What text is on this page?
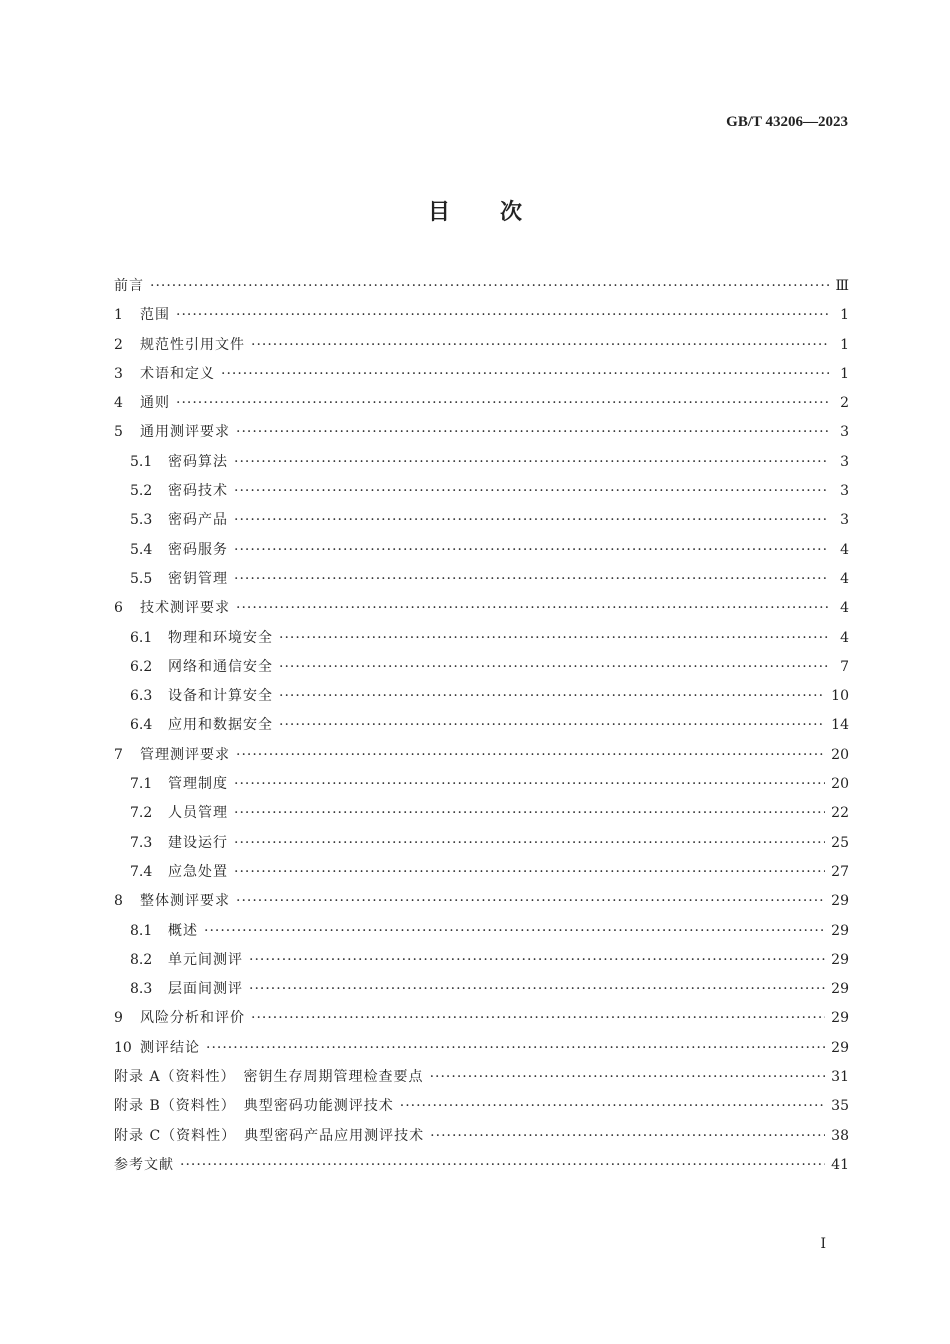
GB/T 43206—2023
目次
前言 ·····	Ⅲ
1	范围 ·····	1
2	规范性引用文件 ·····	1
3	术语和定义 ·····	1
4	通则 ·····	2
5	通用测评要求 ·····	3
5.1	密码算法 ·····	3
5.2	密码技术 ·····	3
5.3	密码产品 ·····	3
5.4	密码服务 ·····	4
5.5	密钥管理 ·····	4
6	技术测评要求 ·····	4
6.1	物理和环境安全 ·····	4
6.2	网络和通信安全 ·····	7
6.3	设备和计算安全 ·····	10
6.4	应用和数据安全 ·····	14
7	管理测评要求 ·····	20
7.1	管理制度 ·····	20
7.2	人员管理 ·····	22
7.3	建设运行 ·····	25
7.4	应急处置 ·····	27
8	整体测评要求 ·····	29
8.1	概述 ·····	29
8.2	单元间测评 ·····	29
8.3	层面间测评 ·····	29
9	风险分析和评价 ·····	29
10 测评结论 ·····	29
附录 A（资料性）　密钥生存周期管理检查要点 ·····	31
附录 B（资料性）　典型密码功能测评技术 ·····	35
附录 C（资料性）　典型密码产品应用测评技术 ·····	38
参考文献 ·····	41
I
